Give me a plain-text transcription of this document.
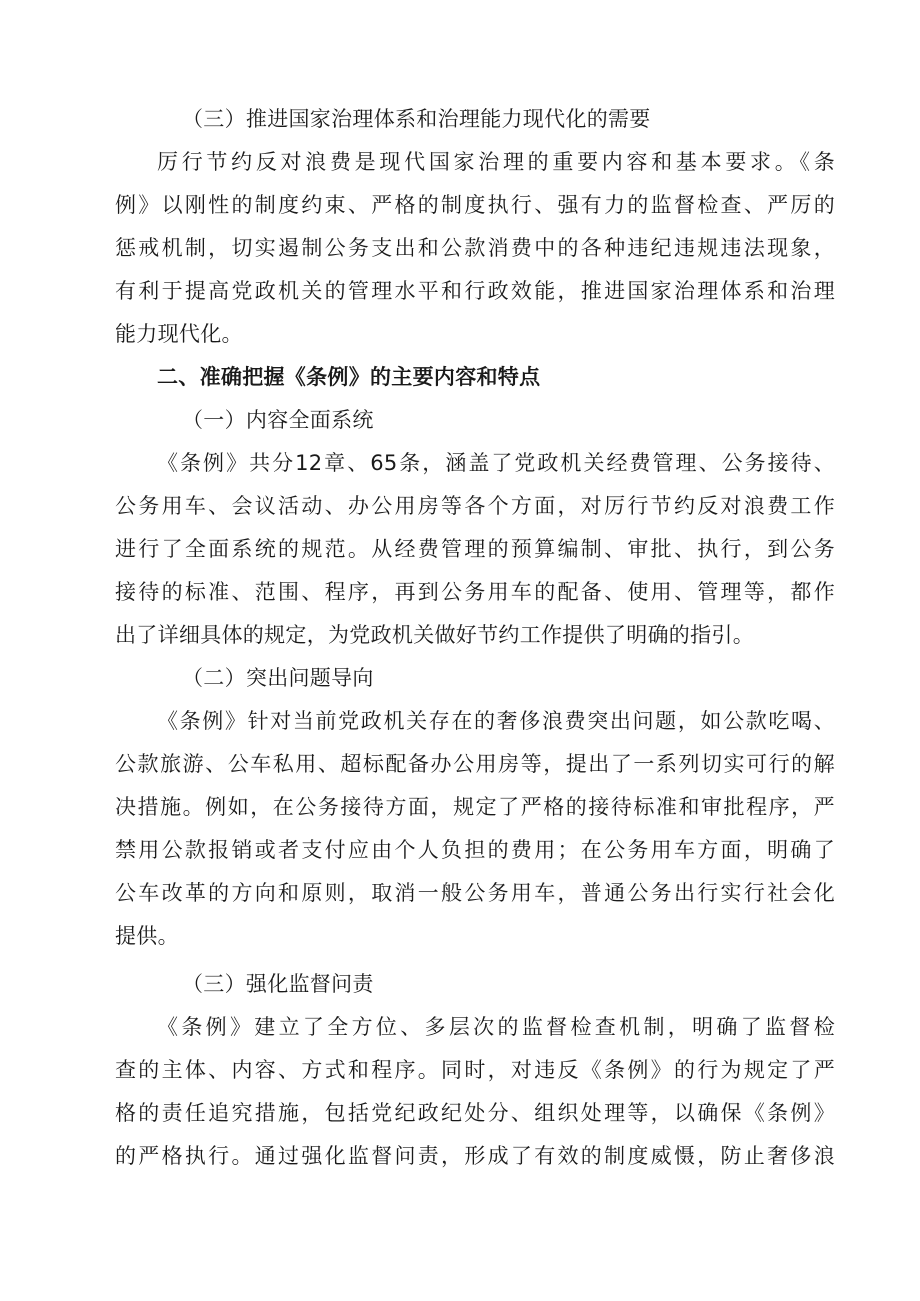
（三）推进国家治理体系和治理能力现代化的需要
厉行节约反对浪费是现代国家治理的重要内容和基本要求。《条
例》以刚性的制度约束、严格的制度执行、强有力的监督检查、严厉的
惩戒机制，切实遏制公务支出和公款消费中的各种违纪违规违法现象，
有利于提高党政机关的管理水平和行政效能，推进国家治理体系和治理
能力现代化。
二、准确把握《条例》的主要内容和特点
（一）内容全面系统
《条例》共分12章、65条，涵盖了党政机关经费管理、公务接待、
公务用车、会议活动、办公用房等各个方面，对厉行节约反对浪费工作
进行了全面系统的规范。从经费管理的预算编制、审批、执行，到公务
接待的标准、范围、程序，再到公务用车的配备、使用、管理等，都作
出了详细具体的规定，为党政机关做好节约工作提供了明确的指引。
（二）突出问题导向
《条例》针对当前党政机关存在的奢侈浪费突出问题，如公款吃喝、
公款旅游、公车私用、超标配备办公用房等，提出了一系列切实可行的解
决措施。例如，在公务接待方面，规定了严格的接待标准和审批程序，严
禁用公款报销或者支付应由个人负担的费用；在公务用车方面，明确了
公车改革的方向和原则，取消一般公务用车，普通公务出行实行社会化
提供。
（三）强化监督问责
《条例》建立了全方位、多层次的监督检查机制，明确了监督检
查的主体、内容、方式和程序。同时，对违反《条例》的行为规定了严
格的责任追究措施，包括党纪政纪处分、组织处理等，以确保《条例》
的严格执行。通过强化监督问责，形成了有效的制度威慑，防止奢侈浪
